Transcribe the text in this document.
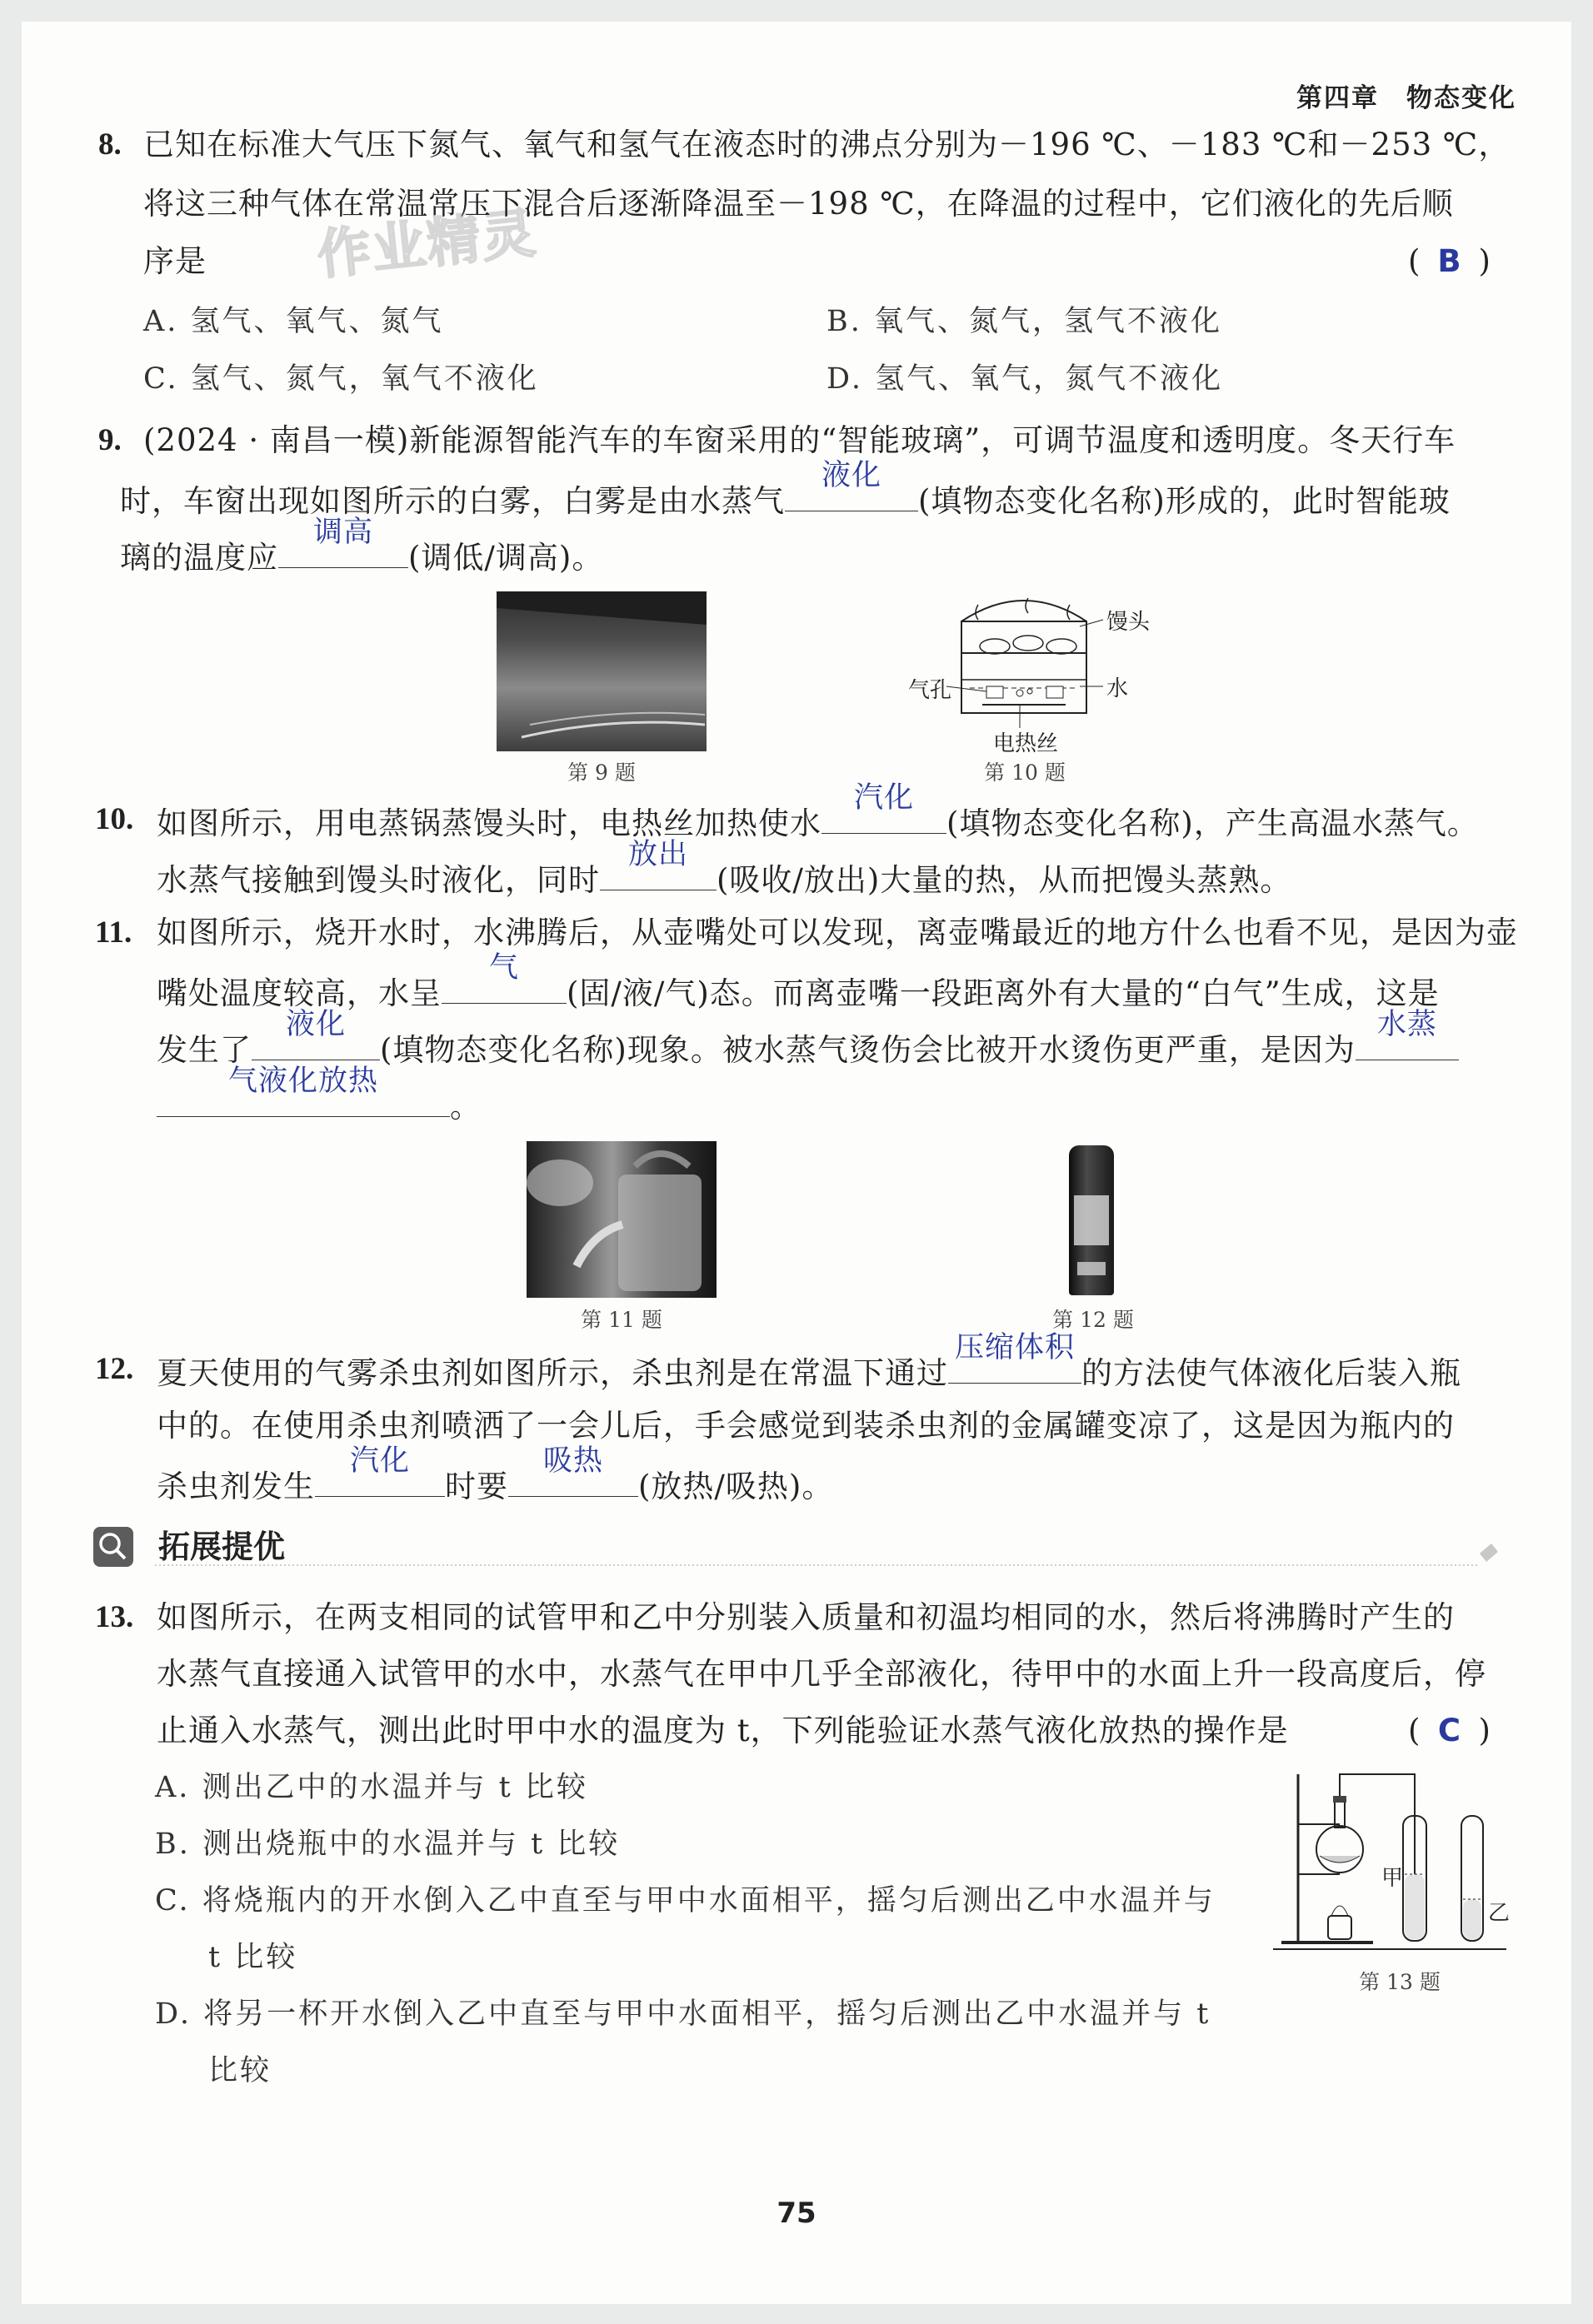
第四章　物态变化
作业精灵
8. 已知在标准大气压下氮气、氧气和氢气在液态时的沸点分别为－196 ℃、－183 ℃和－253 ℃，
将这三种气体在常温常压下混合后逐渐降温至－198 ℃，在降温的过程中，它们液化的先后顺
序是	( B )
A. 氢气、氧气、氮气	B. 氧气、氮气，氢气不液化
C. 氢气、氮气，氧气不液化	D. 氢气、氧气，氮气不液化
9. (2024 · 南昌一模)新能源智能汽车的车窗采用的“智能玻璃”，可调节温度和透明度。冬天行车
时，车窗出现如图所示的白雾，白雾是由水蒸气
液化
(填物态变化名称)形成的，此时智能玻
璃的温度应
调高
(调低/调高)。
第 9 题
馒头
水
气孔
电热丝
第 10 题
10. 如图所示，用电蒸锅蒸馒头时，电热丝加热使水
汽化
(填物态变化名称)，产生高温水蒸气。
水蒸气接触到馒头时液化，同时
放出
(吸收/放出)大量的热，从而把馒头蒸熟。
11. 如图所示，烧开水时，水沸腾后，从壶嘴处可以发现，离壶嘴最近的地方什么也看不见，是因为壶
嘴处温度较高，水呈
气
(固/液/气)态。而离壶嘴一段距离外有大量的“白气”生成，这是
发生了
液化
(填物态变化名称)现象。被水蒸气烫伤会比被开水烫伤更严重，是因为
水蒸
气液化放热
。
第 11 题	第 12 题
12. 夏天使用的气雾杀虫剂如图所示，杀虫剂是在常温下通过
压缩体积
的方法使气体液化后装入瓶
中的。在使用杀虫剂喷洒了一会儿后，手会感觉到装杀虫剂的金属罐变凉了，这是因为瓶内的
杀虫剂发生
汽化
时要
吸热
(放热/吸热)。
拓展提优
13. 如图所示，在两支相同的试管甲和乙中分别装入质量和初温均相同的水，然后将沸腾时产生的
水蒸气直接通入试管甲的水中，水蒸气在甲中几乎全部液化，待甲中的水面上升一段高度后，停
止通入水蒸气，测出此时甲中水的温度为 t，下列能验证水蒸气液化放热的操作是	( C )
A. 测出乙中的水温并与 t 比较
B. 测出烧瓶中的水温并与 t 比较
C. 将烧瓶内的开水倒入乙中直至与甲中水面相平，摇匀后测出乙中水温并与
t 比较
D. 将另一杯开水倒入乙中直至与甲中水面相平，摇匀后测出乙中水温并与 t
比较
甲
乙
第 13 题
75
